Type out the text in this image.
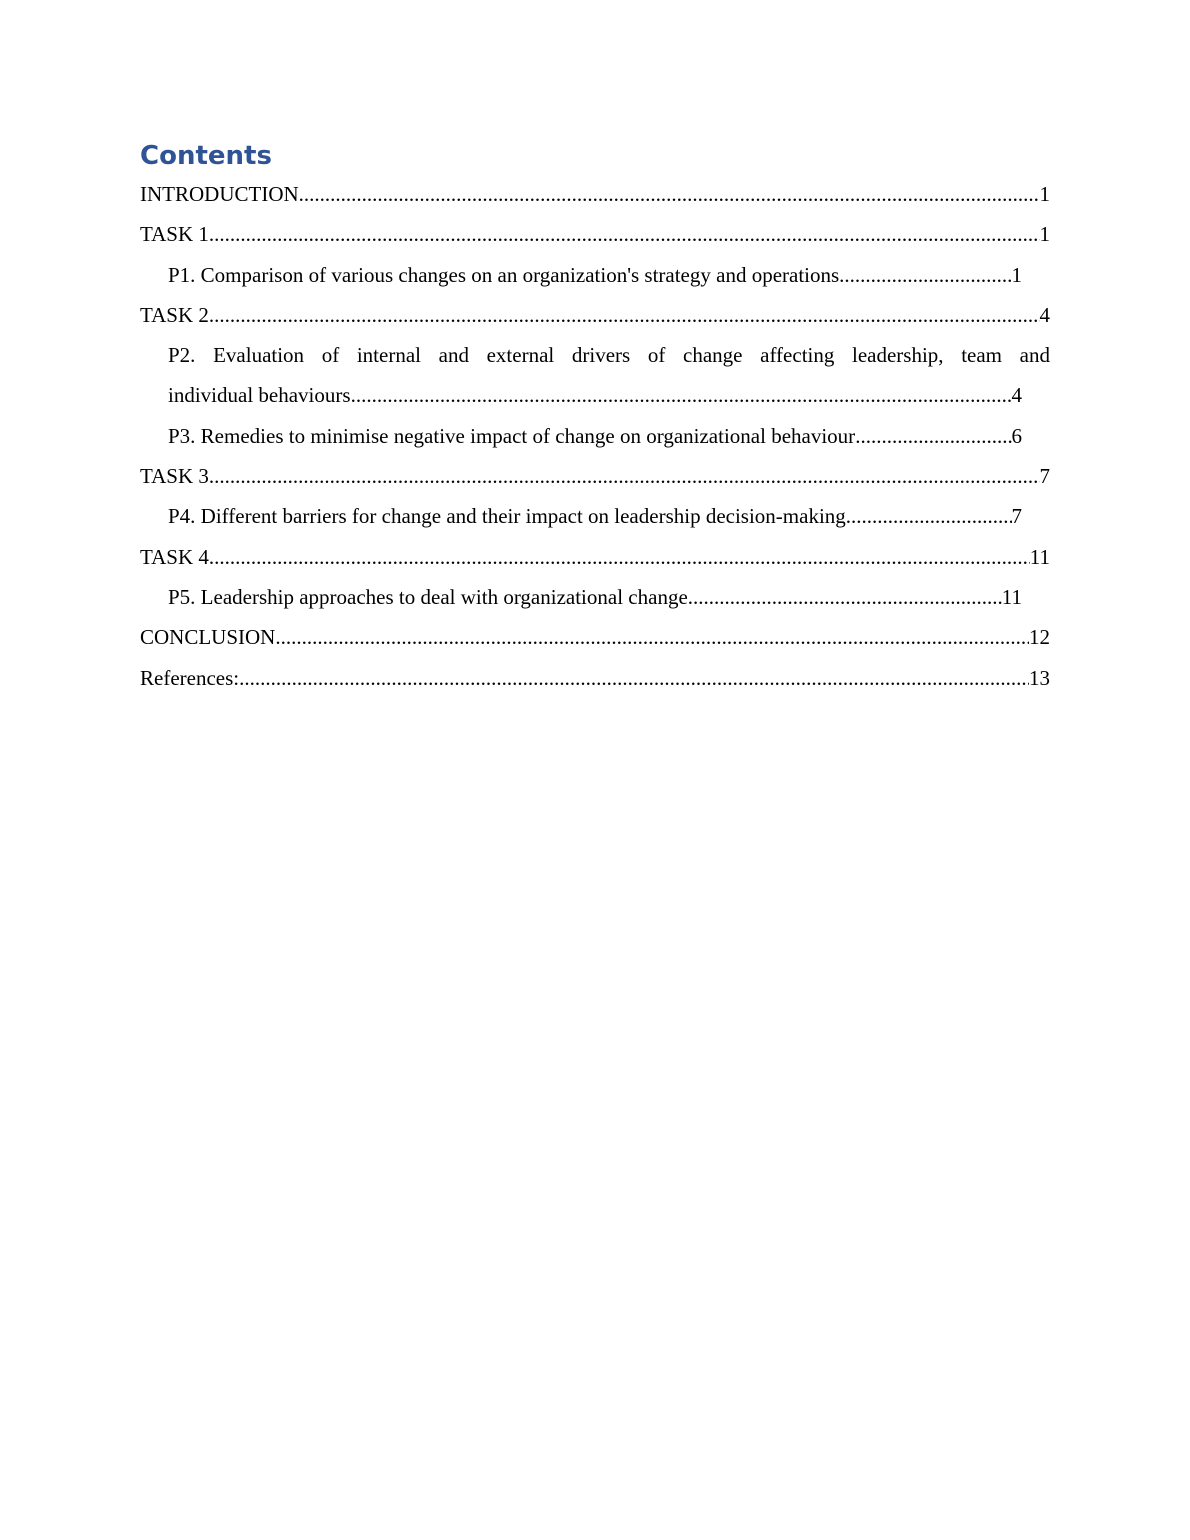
Contents
INTRODUCTION .....	1
TASK 1 .....	1
P1. Comparison of various changes on an organization's strategy and operations .....	1
TASK 2 .....	4
P2. Evaluation of internal and external drivers of change affecting leadership, team and
individual behaviours .....	4
P3. Remedies to minimise negative impact of change on organizational behaviour .....	6
TASK 3 .....	7
P4. Different barriers for change and their impact on leadership decision-making .....	7
TASK 4 .....	11
P5. Leadership approaches to deal with organizational change .....	11
CONCLUSION .....	12
References: .....	13
